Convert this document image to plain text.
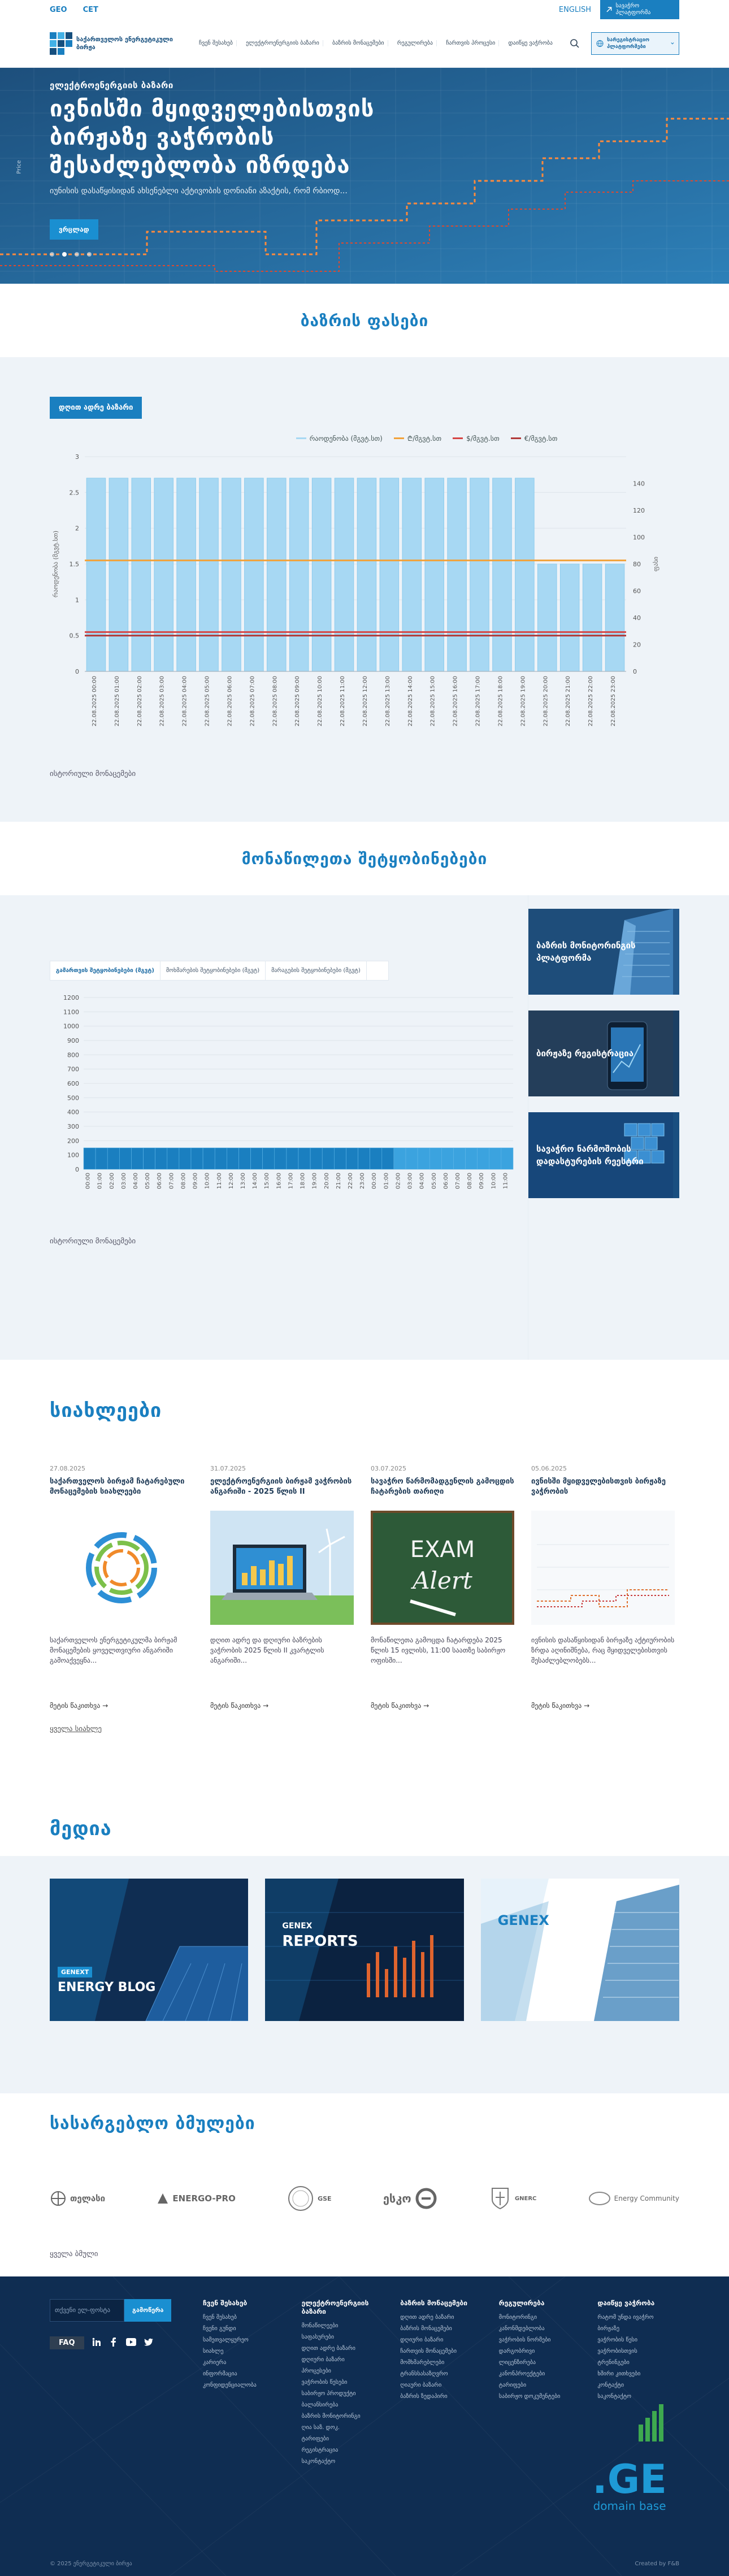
GEO CET	ENGLISH	სავაჭრო პლატფორმა
საქართველოს ენერგეტიკული ბირჟა	ჩვენ შესახებ	ელექტროენერგიის ბაზარი	ბაზრის მონაცემები	რეგულირება	ჩართვის პროცესი	დაიწყე ვაჭრობა
სარეგისტრაციო პლატფორმები
Price
ელექტროენერგიის ბაზარი
ივნისში მყიდველებისთვის
ბირჟაზე ვაჭრობის
შესაძლებლობა იზრდება
იუნისის დასაწყისიდან ახსენებლი აქტივობის დონიანი აზაქტის, რომ რბიოდ...
ვრცლად
ბაზრის ფასები
დღით ადრე ბაზარი
რაოდენობა (მგვტ.სთ)	₾/მგვტ.სთ	$/მგვტ.სთ	€/მგვტ.სთ
რაოდენობა (მგვტ.სთ)
0
0.5
1
1.5
2
2.5
3
0
20
40
60
80
100
120
140
ფასი
22.08.2025 00:00	22.08.2025 01:00	22.08.2025 02:00	22.08.2025 03:00	22.08.2025 04:00	22.08.2025 05:00	22.08.2025 06:00	22.08.2025 07:00	22.08.2025 08:00	22.08.2025 09:00	22.08.2025 10:00	22.08.2025 11:00	22.08.2025 12:00	22.08.2025 13:00	22.08.2025 14:00	22.08.2025 15:00	22.08.2025 16:00	22.08.2025 17:00	22.08.2025 18:00	22.08.2025 19:00	22.08.2025 20:00	22.08.2025 21:00	22.08.2025 22:00	22.08.2025 23:00
ისტორიული მონაცემები
მონაწილეთა შეტყობინებები
გამართვის შეტყობინებები (მგვტ)	მოხმარების შეტყობინებები (მგვტ)	მარაგების შეტყობინებები (მგვტ)
0
100
200
300
400
500
600
700
800
900
1000
1100
1200
00:00 01:00 02:00 03:00 04:00 05:00 06:00 07:00 08:00 09:00 10:00 11:00 12:00 13:00 14:00 15:00 16:00 17:00 18:00 19:00 20:00 21:00 22:00 23:00 00:00 01:00 02:00 03:00 04:00 05:00 06:00 07:00 08:00 09:00 10:00 11:00
ისტორიული მონაცემები
ბაზრის მონიტორინგის პლატფორმა
ბირჟაზე რეგისტრაცია
სავაჭრო ნარმოშობის დადასტურების რეესტრი
სიახლეები
27.08.2025
საქართველოს ბირჟამ ჩატარებული მონაცემების სიახლეები
საქართველოს ენერგეტიკულმა ბირჟამ მონაცემების ყოველთვიური ანგარიში გამოაქვეყნა...
მეტის წაკითხვა →
31.07.2025
ელექტროენერგიის ბირჟამ ვაჭრობის ანგარიში - 2025 წლის II
დღით ადრე და დღიური ბაზრების ვაჭრობის 2025 წლის II კვარტლის ანგარიში...
მეტის წაკითხვა →
03.07.2025
სავაჭრო წარმომადგენლის გამოცდის ჩატარების თარიღი
EXAM
Alert
მონაწილეთა გამოცდა ჩატარდება 2025 წლის 15 ივლისს, 11:00 საათზე საბირჟო ოფისში...
მეტის წაკითხვა →
05.06.2025
ივნისში მყიდველებისთვის ბირჟაზე ვაჭრობის
ივნისის დასაწყისიდან ბირჟაზე აქტიურობის ზრდა აღინიშნება, რაც მყიდველებისთვის შესაძლებლობებს...
მეტის წაკითხვა →
ყველა სიახლე
მედია
GENEXT
ENERGY BLOG
GENEX
REPORTS
GENEX
სასარგებლო ბმულები
თელასი	ENERGO-PRO	GSE	ესკო	GNERC	Energy Community
ყველა ბმული
თქვენი ელ-ფოსტა	გამოწერა
FAQ
ჩვენ შესახებ
ჩვენ შესახებ
ჩვენი გუნდი
სამეთვალყურეო
სიახლე
კარიერა
ინფორმაცია
კონფიდენციალობა
ელექტროენერგიის ბაზარი
მონაწილეები
საფასურები
დღით ადრე ბაზარი
დღიური ბაზარი
პროცესები
ვაჭრობის წესები
საბირჟო პროდუქტი
ბალანსირება
ბაზრის მონიტორინგი
ღია საზ. დოკ.
ტარიფები
რეგისტრაცია
საკონტაქტო
ბაზრის მონაცემები
დღით ადრე ბაზარი
ბაზრის მონაცემები
დღიური ბაზარი
ჩართვის მონაცემები
მომხმარებლები
ტრანსსასაზღვრო
ღიაური ბაზარი
ბაზრის ზედაპირი
რეგულირება
მონიტორინგი
კანონმდებლობა
ვაჭრობის ნორმები
დარგობრივი
ლიცენზირება
კანონპროექტები
ტარიფები
საბირჟო დოკუმენტები
დაიწყე ვაჭრობა
რატომ უნდა ივაჭრო
ბირჟაზე
ვაჭრობის წესი
ვაჭრობისთვის
ტრენინგები
ხშირი კითხვები
კონტაქტი
საკონტაქტო
.GE
domain base
© 2025 ენერგეტიკული ბირჟა	Created by F&B
